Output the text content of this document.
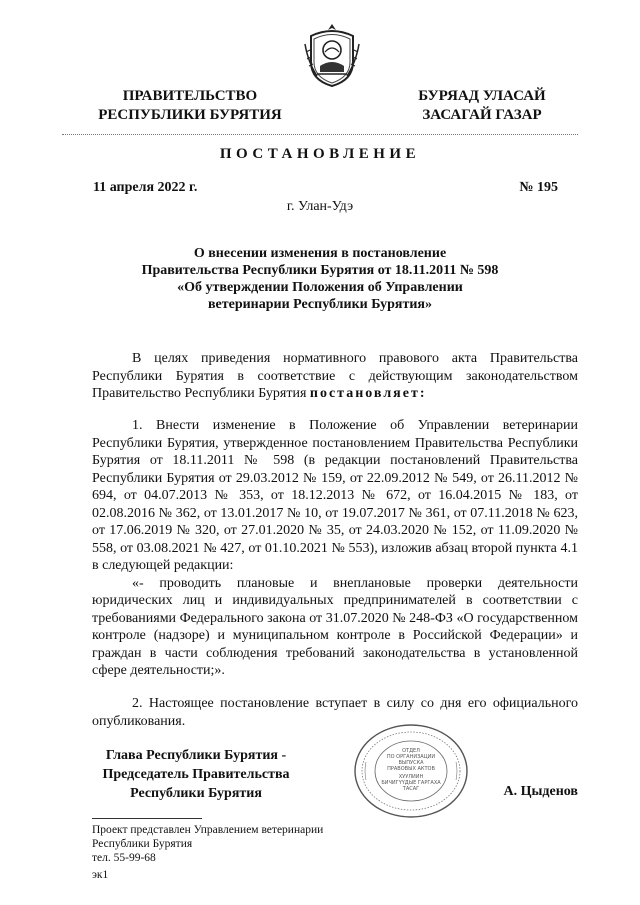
ПРАВИТЕЛЬСТВО
РЕСПУБЛИКИ БУРЯТИЯ
БУРЯАД УЛАСАЙ
ЗАСАГАЙ ГАЗАР
ПОСТАНОВЛЕНИЕ
11 апреля 2022 г.	№ 195
г. Улан-Удэ
О внесении изменения в постановление
Правительства Республики Бурятия от 18.11.2011 № 598
«Об утверждении Положения об Управлении
ветеринарии Республики Бурятия»

В целях приведения нормативного правового акта Правительства Республики Бурятия в соответствие с действующим законодательством Правительство Республики Бурятия постановляет:

1. Внести изменение в Положение об Управлении ветеринарии Республики Бурятия, утвержденное постановлением Правительства Республики Бурятия от 18.11.2011 № 598 (в редакции постановлений Правительства Республики Бурятия от 29.03.2012 № 159, от 22.09.2012 № 549, от 26.11.2012 № 694, от 04.07.2013 № 353, от 18.12.2013 № 672, от 16.04.2015 № 183, от 02.08.2016 № 362, от 13.01.2017 № 10, от 19.07.2017 № 361, от 07.11.2018 № 623, от 17.06.2019 № 320, от 27.01.2020 № 35, от 24.03.2020 № 152, от 11.09.2020 № 558, от 03.08.2021 № 427, от 01.10.2021 № 553), изложив абзац второй пункта 4.1 в следующей редакции:

«- проводить плановые и внеплановые проверки деятельности юридических лиц и индивидуальных предпринимателей в соответствии с требованиями Федерального закона от 31.07.2020 № 248-ФЗ «О государственном контроле (надзоре) и муниципальном контроле в Российской Федерации» и граждан в части соблюдения требований законодательства в установленной сфере деятельности;».

2. Настоящее постановление вступает в силу со дня его официального опубликования.

Глава Республики Бурятия -
Председатель Правительства
Республики Бурятия
ОТДЕЛ
ПО ОРГАНИЗАЦИИ
ВЫПУСКА
ПРАВОВЫХ АКТОВ
ХУУЛИИН
БИЧИГҮҮДЫЕ ГАРГАХА
ТАСАГ	А. Цыденов
Проект представлен Управлением ветеринарии
Республики Бурятия
тел. 55-99-68
эк1
